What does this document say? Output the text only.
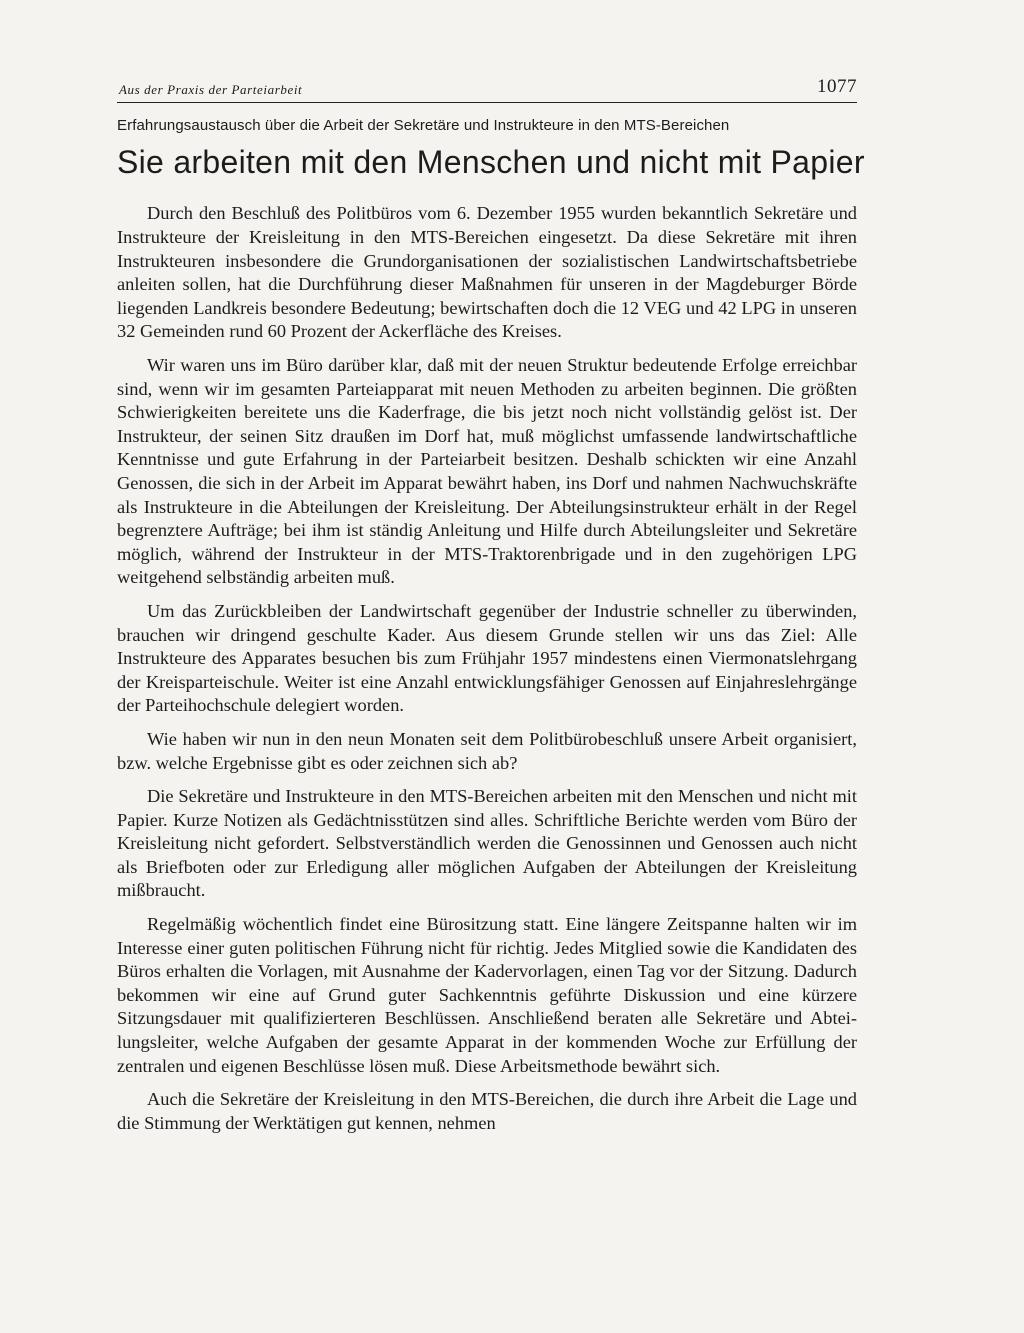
Aus der Praxis der Parteiarbeit	1077
Erfahrungsaustausch über die Arbeit der Sekretäre und Instrukteure in den MTS-Bereichen
Sie arbeiten mit den Menschen und nicht mit Papier

Durch den Beschluß des Politbüros vom 6. Dezember 1955 wurden bekanntlich Sekretäre und Instrukteure der Kreisleitung in den MTS-Bereichen eingesetzt. Da diese Sekretäre mit ihren Instrukteuren insbesondere die Grundorganisationen der sozialistischen Landwirtschaftsbetriebe anleiten sollen, hat die Durchführung dieser Maßnahmen für unseren in der Magdeburger Börde liegenden Landkreis besondere Bedeutung; bewirtschaften doch die 12 VEG und 42 LPG in unseren 32 Gemeinden rund 60 Prozent der Ackerfläche des Kreises.

Wir waren uns im Büro darüber klar, daß mit der neuen Struktur bedeutende Erfolge erreichbar sind, wenn wir im gesamten Parteiapparat mit neuen Methoden zu arbeiten beginnen. Die größten Schwierigkeiten bereitete uns die Kaderfrage, die bis jetzt noch nicht vollständig gelöst ist. Der Instrukteur, der seinen Sitz draußen im Dorf hat, muß möglichst umfassende landwirtschaftliche Kenntnisse und gute Erfahrung in der Parteiarbeit besitzen. Deshalb schickten wir eine Anzahl Genossen, die sich in der Arbeit im Apparat bewährt haben, ins Dorf und nahmen Nachwuchskräfte als Instrukteure in die Abteilungen der Kreisleitung. Der Abteilungsinstrukteur erhält in der Regel begrenztere Aufträge; bei ihm ist ständig Anleitung und Hilfe durch Abteilungsleiter und Sekretäre möglich, während der Instrukteur in der MTS-Traktorenbrigade und in den zugehörigen LPG weitgehend selbständig arbeiten muß.

Um das Zurückbleiben der Landwirtschaft gegenüber der Industrie schneller zu überwinden, brauchen wir dringend geschulte Kader. Aus diesem Grunde stellen wir uns das Ziel: Alle Instrukteure des Apparates besuchen bis zum Frühjahr 1957 mindestens einen Viermonatslehrgang der Kreisparteischule. Weiter ist eine Anzahl entwicklungsfähiger Genossen auf Einjahreslehrgänge der Parteihochschule delegiert worden.

Wie haben wir nun in den neun Monaten seit dem Politbürobeschluß unsere Arbeit organisiert, bzw. welche Ergebnisse gibt es oder zeichnen sich ab?

Die Sekretäre und Instrukteure in den MTS-Bereichen arbeiten mit den Menschen und nicht mit Papier. Kurze Notizen als Gedächtnisstützen sind alles. Schriftliche Berichte werden vom Büro der Kreisleitung nicht gefordert. Selbstverständlich werden die Genossinnen und Genossen auch nicht als Briefboten oder zur Erledigung aller möglichen Aufgaben der Abteilungen der Kreisleitung mißbraucht.

Regelmäßig wöchentlich findet eine Bürositzung statt. Eine längere Zeitspanne halten wir im Interesse einer guten politischen Führung nicht für richtig. Jedes Mitglied sowie die Kandidaten des Büros erhalten die Vorlagen, mit Ausnahme der Kadervorlagen, einen Tag vor der Sitzung. Dadurch bekommen wir eine auf Grund guter Sachkenntnis geführte Diskussion und eine kürzere Sitzungsdauer mit qualifizierteren Beschlüssen. Anschließend beraten alle Sekretäre und Abteilungsleiter, welche Aufgaben der gesamte Apparat in der kommenden Woche zur Erfüllung der zentralen und eigenen Beschlüsse lösen muß. Diese Arbeitsmethode bewährt sich.

Auch die Sekretäre der Kreisleitung in den MTS-Bereichen, die durch ihre Arbeit die Lage und die Stimmung der Werktätigen gut kennen, nehmen
